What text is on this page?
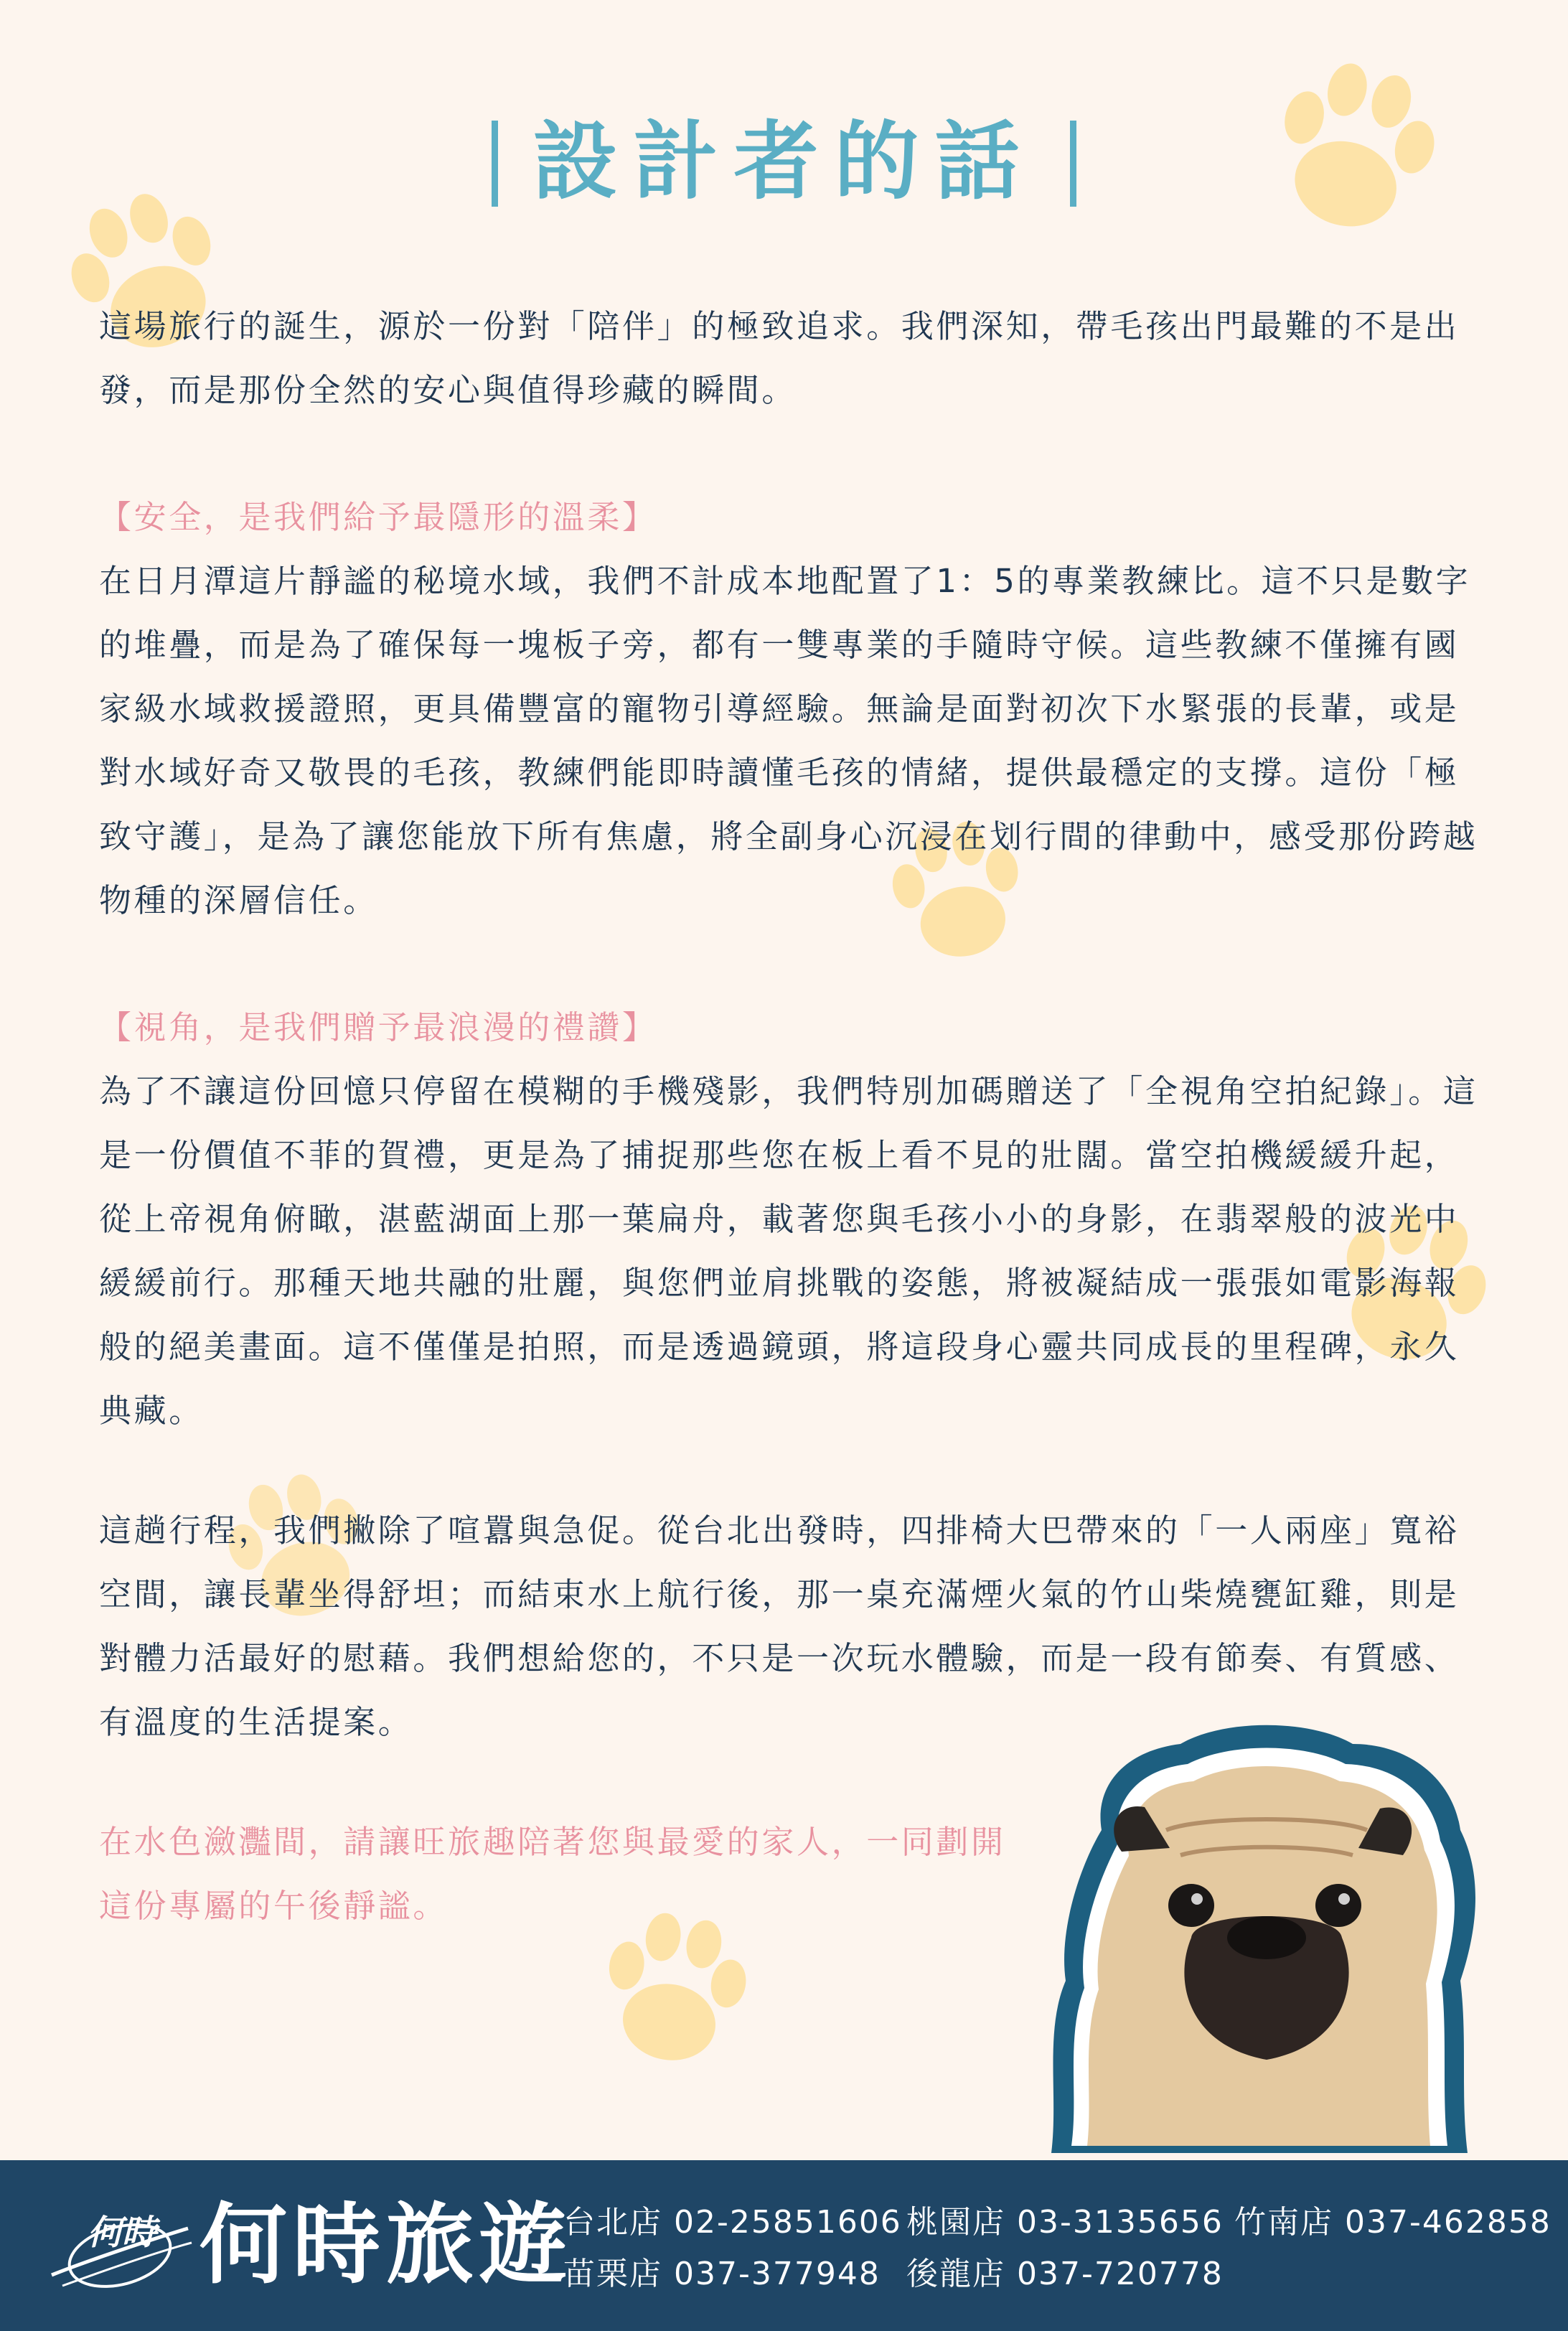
設計者的話

這場旅行的誕生，源於一份對「陪伴」的極致追求。我們深知，帶毛孩出門最難的不是出發，而是那份全然的安心與值得珍藏的瞬間。

【安全，是我們給予最隱形的溫柔】

在日月潭這片靜謐的秘境水域，我們不計成本地配置了1：5的專業教練比。這不只是數字的堆疊，而是為了確保每一塊板子旁，都有一雙專業的手隨時守候。這些教練不僅擁有國家級水域救援證照，更具備豐富的寵物引導經驗。無論是面對初次下水緊張的長輩，或是對水域好奇又敬畏的毛孩，教練們能即時讀懂毛孩的情緒，提供最穩定的支撐。這份「極致守護」，是為了讓您能放下所有焦慮，將全副身心沉浸在划行間的律動中，感受那份跨越物種的深層信任。

【視角，是我們贈予最浪漫的禮讚】

為了不讓這份回憶只停留在模糊的手機殘影，我們特別加碼贈送了「全視角空拍紀錄」。這是一份價值不菲的賀禮，更是為了捕捉那些您在板上看不見的壯闊。當空拍機緩緩升起，從上帝視角俯瞰，湛藍湖面上那一葉扁舟，載著您與毛孩小小的身影，在翡翠般的波光中緩緩前行。那種天地共融的壯麗，與您們並肩挑戰的姿態，將被凝結成一張張如電影海報般的絕美畫面。這不僅僅是拍照，而是透過鏡頭，將這段身心靈共同成長的里程碑，永久典藏。

這趟行程，我們撇除了喧囂與急促。從台北出發時，四排椅大巴帶來的「一人兩座」寬裕空間，讓長輩坐得舒坦；而結束水上航行後，那一桌充滿煙火氣的竹山柴燒甕缸雞，則是對體力活最好的慰藉。我們想給您的，不只是一次玩水體驗，而是一段有節奏、有質感、有溫度的生活提案。

在水色瀲灩間，請讓旺旅趣陪著您與最愛的家人，一同劃開這份專屬的午後靜謐。

何時 何時旅遊
台北店 02-25851606 桃園店 03-3135656 竹南店 037-462858
苗栗店 037-377948 後龍店 037-720778
